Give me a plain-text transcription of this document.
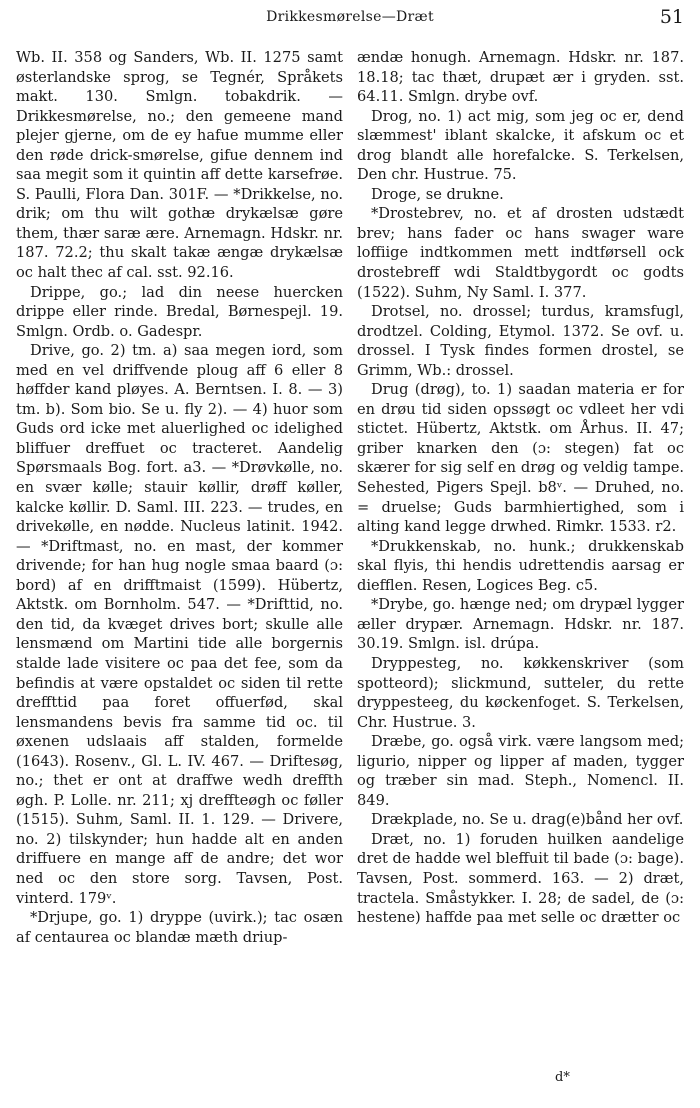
Drikkesmørelse—Dræt	51

Wb. II. 358 og Sanders, Wb. II. 1275 samt østerlandske sprog, se Tegnér, Språkets makt. 130. Smlgn. tobakdrik. — Drikkesmørelse, no.; den gemeene mand plejer gjerne, om de ey hafue mumme eller den røde drick-smørelse, gifue dennem ind saa megit som it quintin aff dette karsefrøe. S. Paulli, Flora Dan. 301F. — *Drikkelse, no. drik; om thu wilt gothæ drykælsæ gøre them, thær saræ ære. Arnemagn. Hdskr. nr. 187. 72.2; thu skalt takæ ængæ drykælsæ oc halt thec af cal. sst. 92.16.

Drippe, go.; lad din neese huercken drippe eller rinde. Bredal, Børnespejl. 19. Smlgn. Ordb. o. Gadespr.

Drive, go. 2) tm. a) saa megen iord, som med en vel driffvende ploug aff 6 eller 8 høffder kand pløyes. A. Berntsen. I. 8. — 3) tm. b). Som bio. Se u. fly 2). — 4) huor som Guds ord icke met aluerlighed oc idelighed bliffuer dreffuet oc tracteret. Aandelig Spørsmaals Bog. fort. a3. — *Drøvkølle, no. en svær kølle; stauir køllir, drøff køller, kalcke køllir. D. Saml. III. 223. — trudes, en drivekølle, en nødde. Nucleus latinit. 1942. — *Driftmast, no. en mast, der kommer drivende; for han hug nogle smaa baard (ɔ: bord) af en drifftmaist (1599). Hübertz, Aktstk. om Bornholm. 547. — *Drifttid, no. den tid, da kvæget drives bort; skulle alle lensmænd om Martini tide alle borgernis stalde lade visitere oc paa det fee, som da befindis at være opstaldet oc siden til rette dreffttid paa foret offuerfød, skal lensmandens bevis fra samme tid oc. til øxenen udslaais aff stalden, formelde (1643). Rosenv., Gl. L. IV. 467. — Driftesøg, no.; thet er ont at draffwe wedh dreffth øgh. P. Lolle. nr. 211; xj dreffteøgh oc føller (1515). Suhm, Saml. II. 1. 129. — Drivere, no. 2) tilskynder; hun hadde alt en anden driffuere en mange aff de andre; det wor ned oc den store sorg. Tavsen, Post. vinterd. 179ᵛ.

*Drjupe, go. 1) dryppe (uvirk.); tac osæn af centaurea oc blandæ mæth driup-

ændæ honugh. Arnemagn. Hdskr. nr. 187. 18.18; tac thæt, drupæt ær i gryden. sst. 64.11. Smlgn. drybe ovf.

Drog, no. 1) act mig, som jeg oc er, dend slæmmest' iblant skalcke, it afskum oc et drog blandt alle horefalcke. S. Terkelsen, Den chr. Hustrue. 75.

Droge, se drukne.

*Drostebrev, no. et af drosten udstædt brev; hans fader oc hans swager ware loffiige indtkommen mett indtførsell ock drostebreff wdi Staldtbygordt oc godts (1522). Suhm, Ny Saml. I. 377.

Drotsel, no. drossel; turdus, kramsfugl, drodtzel. Colding, Etymol. 1372. Se ovf. u. drossel. I Tysk findes formen drostel, se Grimm, Wb.: drossel.

Drug (drøg), to. 1) saadan materia er for en drøu tid siden opssøgt oc vdleet her vdi stictet. Hübertz, Aktstk. om Århus. II. 47; griber knarken den (ɔ: stegen) fat oc skærer for sig self en drøg og veldig tampe. Sehested, Pigers Spejl. b8ᵛ. — Druhed, no. = druelse; Guds barmhiertighed, som i alting kand legge drwhed. Rimkr. 1533. r2.

*Drukkenskab, no. hunk.; drukkenskab skal flyis, thi hendis udrettendis aarsag er diefflen. Resen, Logices Beg. c5.

*Drybe, go. hænge ned; om drypæl lygger æller drypær. Arnemagn. Hdskr. nr. 187. 30.19. Smlgn. isl. drúpa.

Dryppesteg, no. køkkenskriver (som spotteord); slickmund, sutteler, du rette dryppesteeg, du køckenfoget. S. Terkelsen, Chr. Hustrue. 3.

Dræbe, go. også virk. være langsom med; ligurio, nipper og lipper af maden, tygger og træber sin mad. Steph., Nomencl. II. 849.

Drækplade, no. Se u. drag(e)bånd her ovf.

Dræt, no. 1) foruden huilken aandelige dret de hadde wel bleffuit til bade (ɔ: bage). Tavsen, Post. sommerd. 163. — 2) dræt, tractela. Småstykker. I. 28; de sadel, de (ɔ: hestene) haffde paa met selle oc drætter oc

d*
